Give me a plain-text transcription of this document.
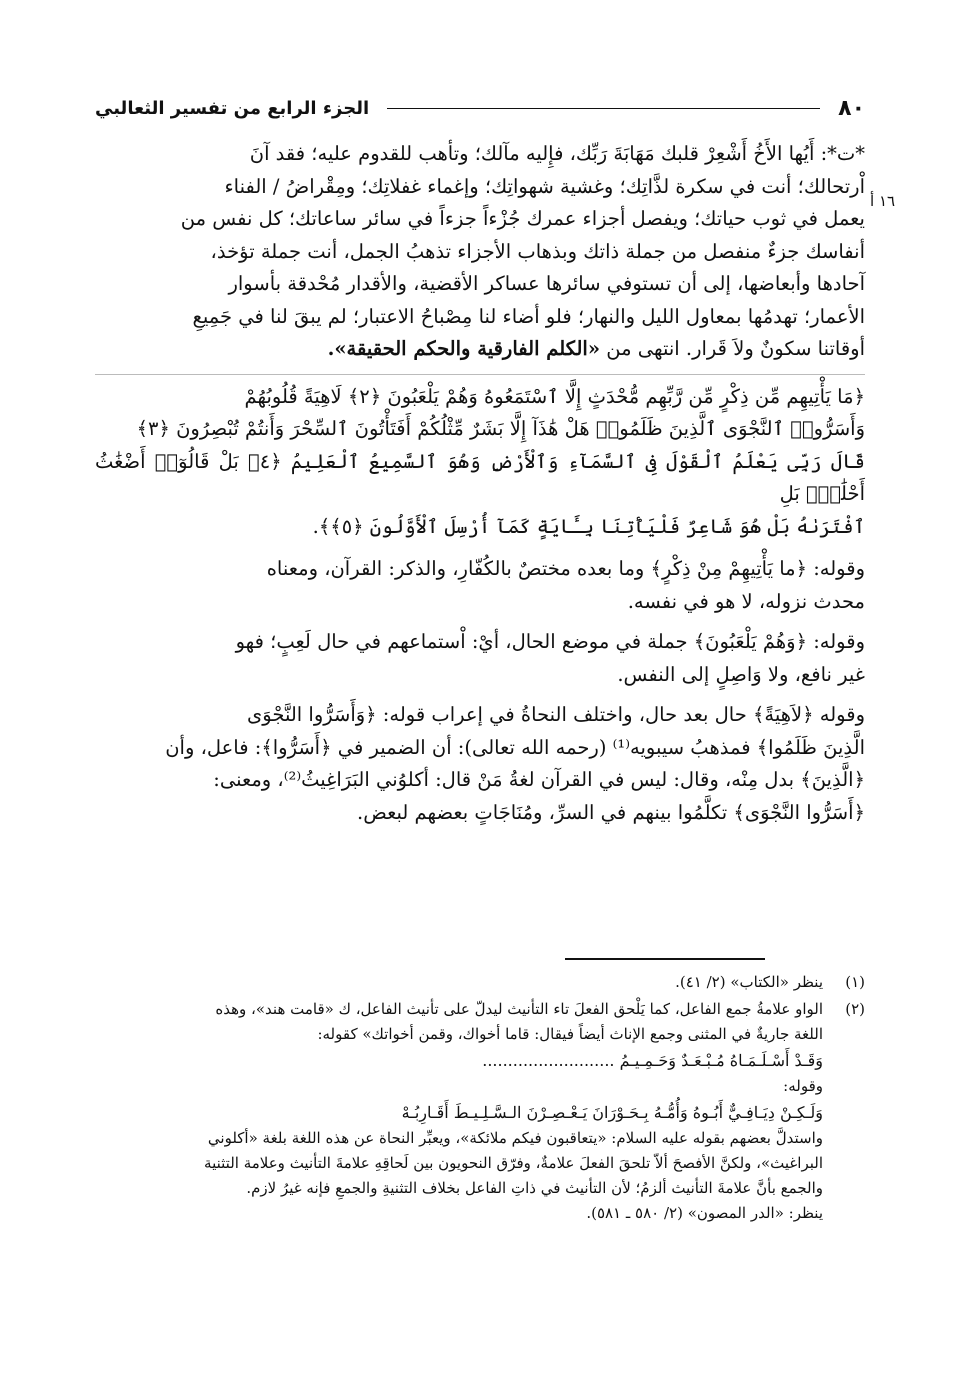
٨٠
الجزء الرابع من تفسير الثعالبي
١٦ أ

*ت*: أَيُها الأَخُ أَشْعِرْ قلبك مَهَابَةَ رَبِّك، فإِليه مآلك؛ وتأهب للقدوم عليه؛ فقد آنَ

اْرتحالك؛ أنت في سكرة لذَّاتِك؛ وغشية شهواتِك؛ وإغماء غفلاتِك؛ ومِقْراضُ / الفناء

يعمل في ثوب حياتك؛ ويفصل أجزاء عمرك جُزْءاً جزءاً في سائر ساعاتك؛ كل نفس من

أنفاسك جزءٌ منفصل من جملة ذاتك وبذهاب الأجزاء تذهبُ الجمل، أنت جملة تؤخذ،

آحادها وأبعاضها، إلى أن تستوفي سائرها عساكر الأقضية، والأقدار مُحْدقة بأسوار

الأعمار؛ تهدمُها بمعاول الليل والنهار؛ فلو أضاء لنا مِصْباحُ الاعتبار؛ لم يبقَ لنا في جَمِيعِ

أوقاتنا سكونٌ ولاَ قَرار. انتهى من «الكلم الفارقية والحكم الحقيقة».

﴿مَا يَأْتِيهِم مِّن ذِكْرٍ مِّن رَّبِّهِم مُّحْدَثٍ إِلَّا ٱسْتَمَعُوهُ وَهُمْ يَلْعَبُونَ ﴿٢﴾ لَاهِيَةً قُلُوبُهُمْ

وَأَسَرُّوا۟ ٱلنَّجْوَى ٱلَّذِينَ ظَلَمُوا۟ هَلْ هَٰذَآ إِلَّا بَشَرٌ مِّثْلُكُمْ أَفَتَأْتُونَ ٱلسِّحْرَ وَأَنتُمْ تُبْصِرُونَ ﴿٣﴾

قَالَ رَبِّى يَعْلَمُ ٱلْقَوْلَ فِى ٱلسَّمَآءِ وَٱلْأَرْضِ وَهُوَ ٱلسَّمِيعُ ٱلْعَلِيمُ ﴿٤﴾ بَلْ قَالُوٓا۟ أَضْغَٰثُ أَحْلَٰمٍۭ بَلِ

ٱفْتَرَىٰهُ بَلْ هُوَ شَاعِرٌ فَلْيَأْتِنَا بِـَٔايَةٍ كَمَآ أُرْسِلَ ٱلْأَوَّلُونَ ﴿٥﴾﴾.

وقوله: ﴿ما يَأْتِيهِمْ مِنْ ذِكْرٍ﴾ وما بعده مختصٌ بالكُفّارِ، والذكر: القرآن، ومعناه

محدث نزوله، لا هو في نفسه.

وقوله: ﴿وَهُمْ يَلْعَبُونَ﴾ جملة في موضع الحال، أيْ: اْستماعهم في حال لَعِبٍ؛ فهو

غير نافع، ولا وَاصِلٍ إلى النفس.

وقوله ﴿لاَهِيَةً﴾ حال بعد حال، واختلف النحاةُ في إعراب قوله: ﴿وَأَسَرُّوا النَّجْوَى

الَّذِينَ ظَلَمُوا﴾ فمذهبُ سيبويه⁽¹⁾ (رحمه الله تعالى): أن الضمير في ﴿أَسَرُّوا﴾: فاعل، وأن

﴿الَّذِينَ﴾ بدل مِنْه، وقال: ليس في القرآن لغةُ مَنْ قال: أكلوُني البَرَاغِيثُ⁽²⁾، ومعنى:

﴿أَسَرُّوا النَّجْوَى﴾ تكلَّمُوا بينهم في السرِّ، ومُنَاجَاتٍ بعضهم لبعض.

(١)
ينظر «الكتاب» (٢/ ٤١).
(٢)

الواو علامةُ جمع الفاعل، كما يَلْحق الفعلَ تاء التأنيث ليدلّ على تأنيث الفاعل، ك «قامت هند»، وهذه

اللغة جاريةٌ في المثنى وجمع الإناث أيضاً فيقال: قاما أخواك، وقمن أخواتك» كقوله:

وَقَـدْ أَسْـلَـمَـاهُ مُـبْـعَـدٌ وَحَـمِـيـمُ ..........................

وقوله:

وَلَـكِـنْ دِيَـافِـيٌّ أَبُـوهُ وَأُمُّـهُ بِـحَـوْرَانَ يَـعْـصِـرْنَ الـسَّـلِـيـطَ أَقَـارِبُـهْ

واستدلَّ بعضهم بقوله عليه السلام: «يتعاقبون فيكم ملائكة»، ويعبِّر النحاة عن هذه اللغة بلغة «أكلوني

البراغيث»، ولكنَّ الأفصحَ ألاّ تلحقَ الفعلَ علامةٌ، وفرّق النحويون بين لَحاقِهِ علامةَ التأنيث وعلامة التثنية

والجمع بأنَّ علامةَ التأنيث ألزمُ؛ لأن التأنيث في ذاتِ الفاعل بخلاف التثنيةِ والجمعِ فإنه غيرُ لازم.

ينظر: «الدر المصون» (٢/ ٥٨٠ ـ ٥٨١).
